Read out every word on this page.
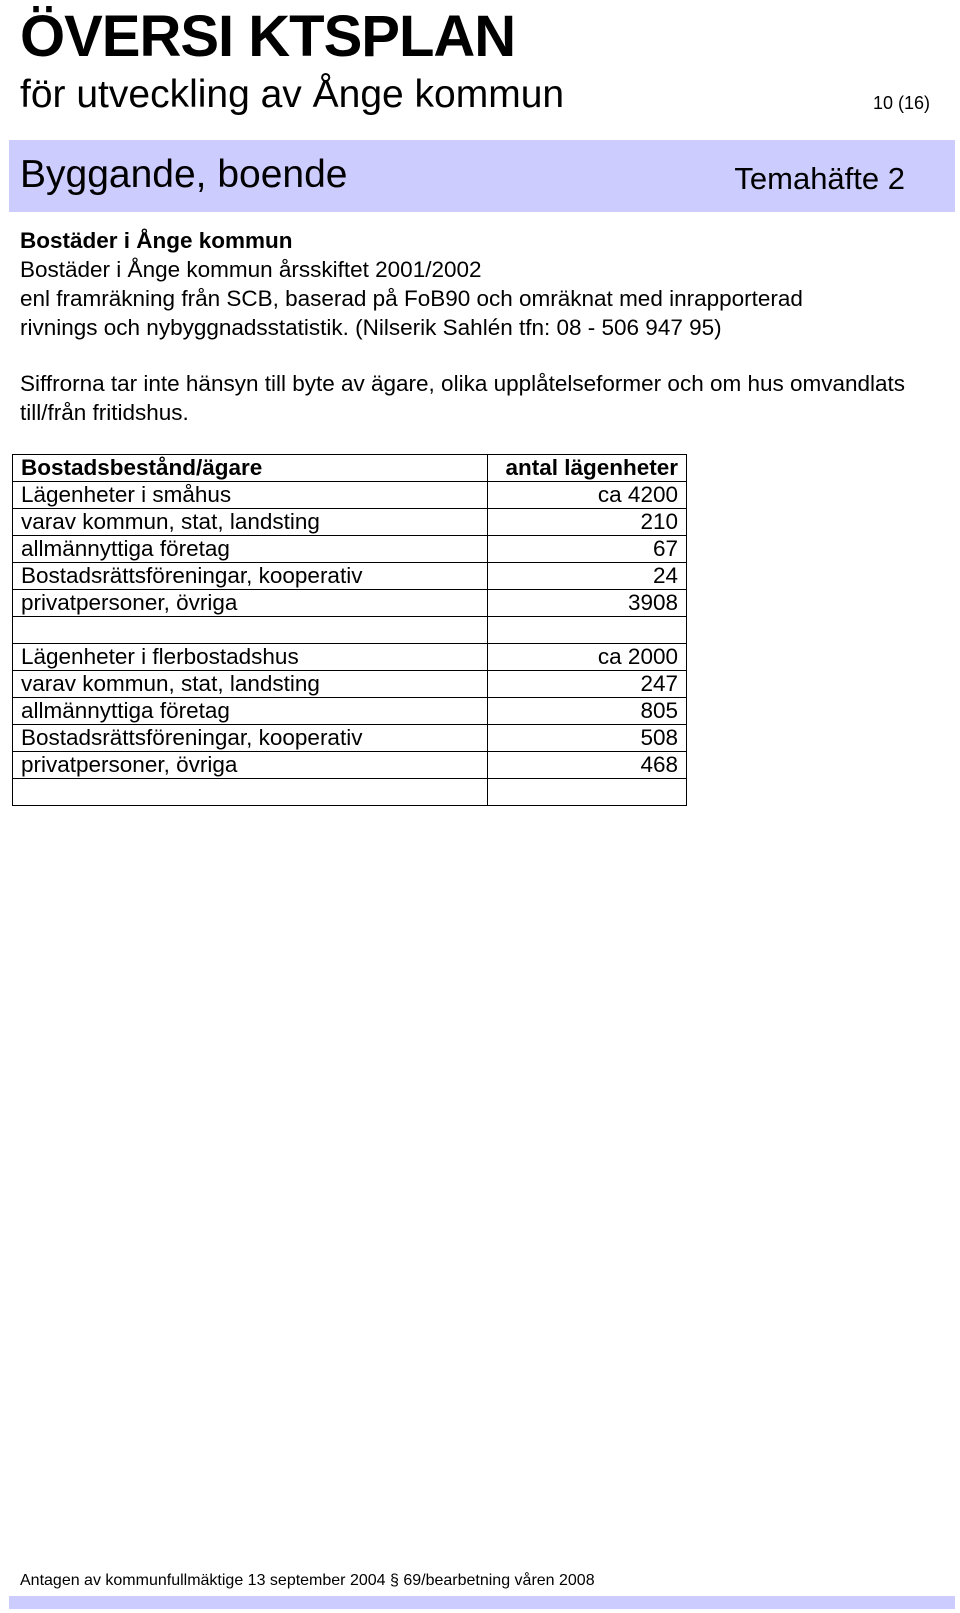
ÖVERSI KTSPLAN
för utveckling av Ånge kommun	10 (16)
Byggande, boende	Temahäfte 2

Bostäder i Ånge kommun

Bostäder i Ånge kommun årsskiftet 2001/2002

enl framräkning från SCB, baserad på FoB90 och omräknat med inrapporterad

rivnings och nybyggnadsstatistik. (Nilserik Sahlén tfn: 08 - 506 947 95)

Siffrorna tar inte hänsyn till byte av ägare, olika upplåtelseformer och om hus omvandlats till/från fritidshus.

Bostadsbestånd/ägare	antal lägenheter
Lägenheter i småhus	ca 4200
varav kommun, stat, landsting	210
allmännyttiga företag	67
Bostadsrättsföreningar, kooperativ	24
privatpersoner, övriga	3908

Lägenheter i flerbostadshus	ca 2000
varav kommun, stat, landsting	247
allmännyttiga företag	805
Bostadsrättsföreningar, kooperativ	508
privatpersoner, övriga	468

Antagen av kommunfullmäktige 13 september 2004 § 69/bearbetning våren 2008
